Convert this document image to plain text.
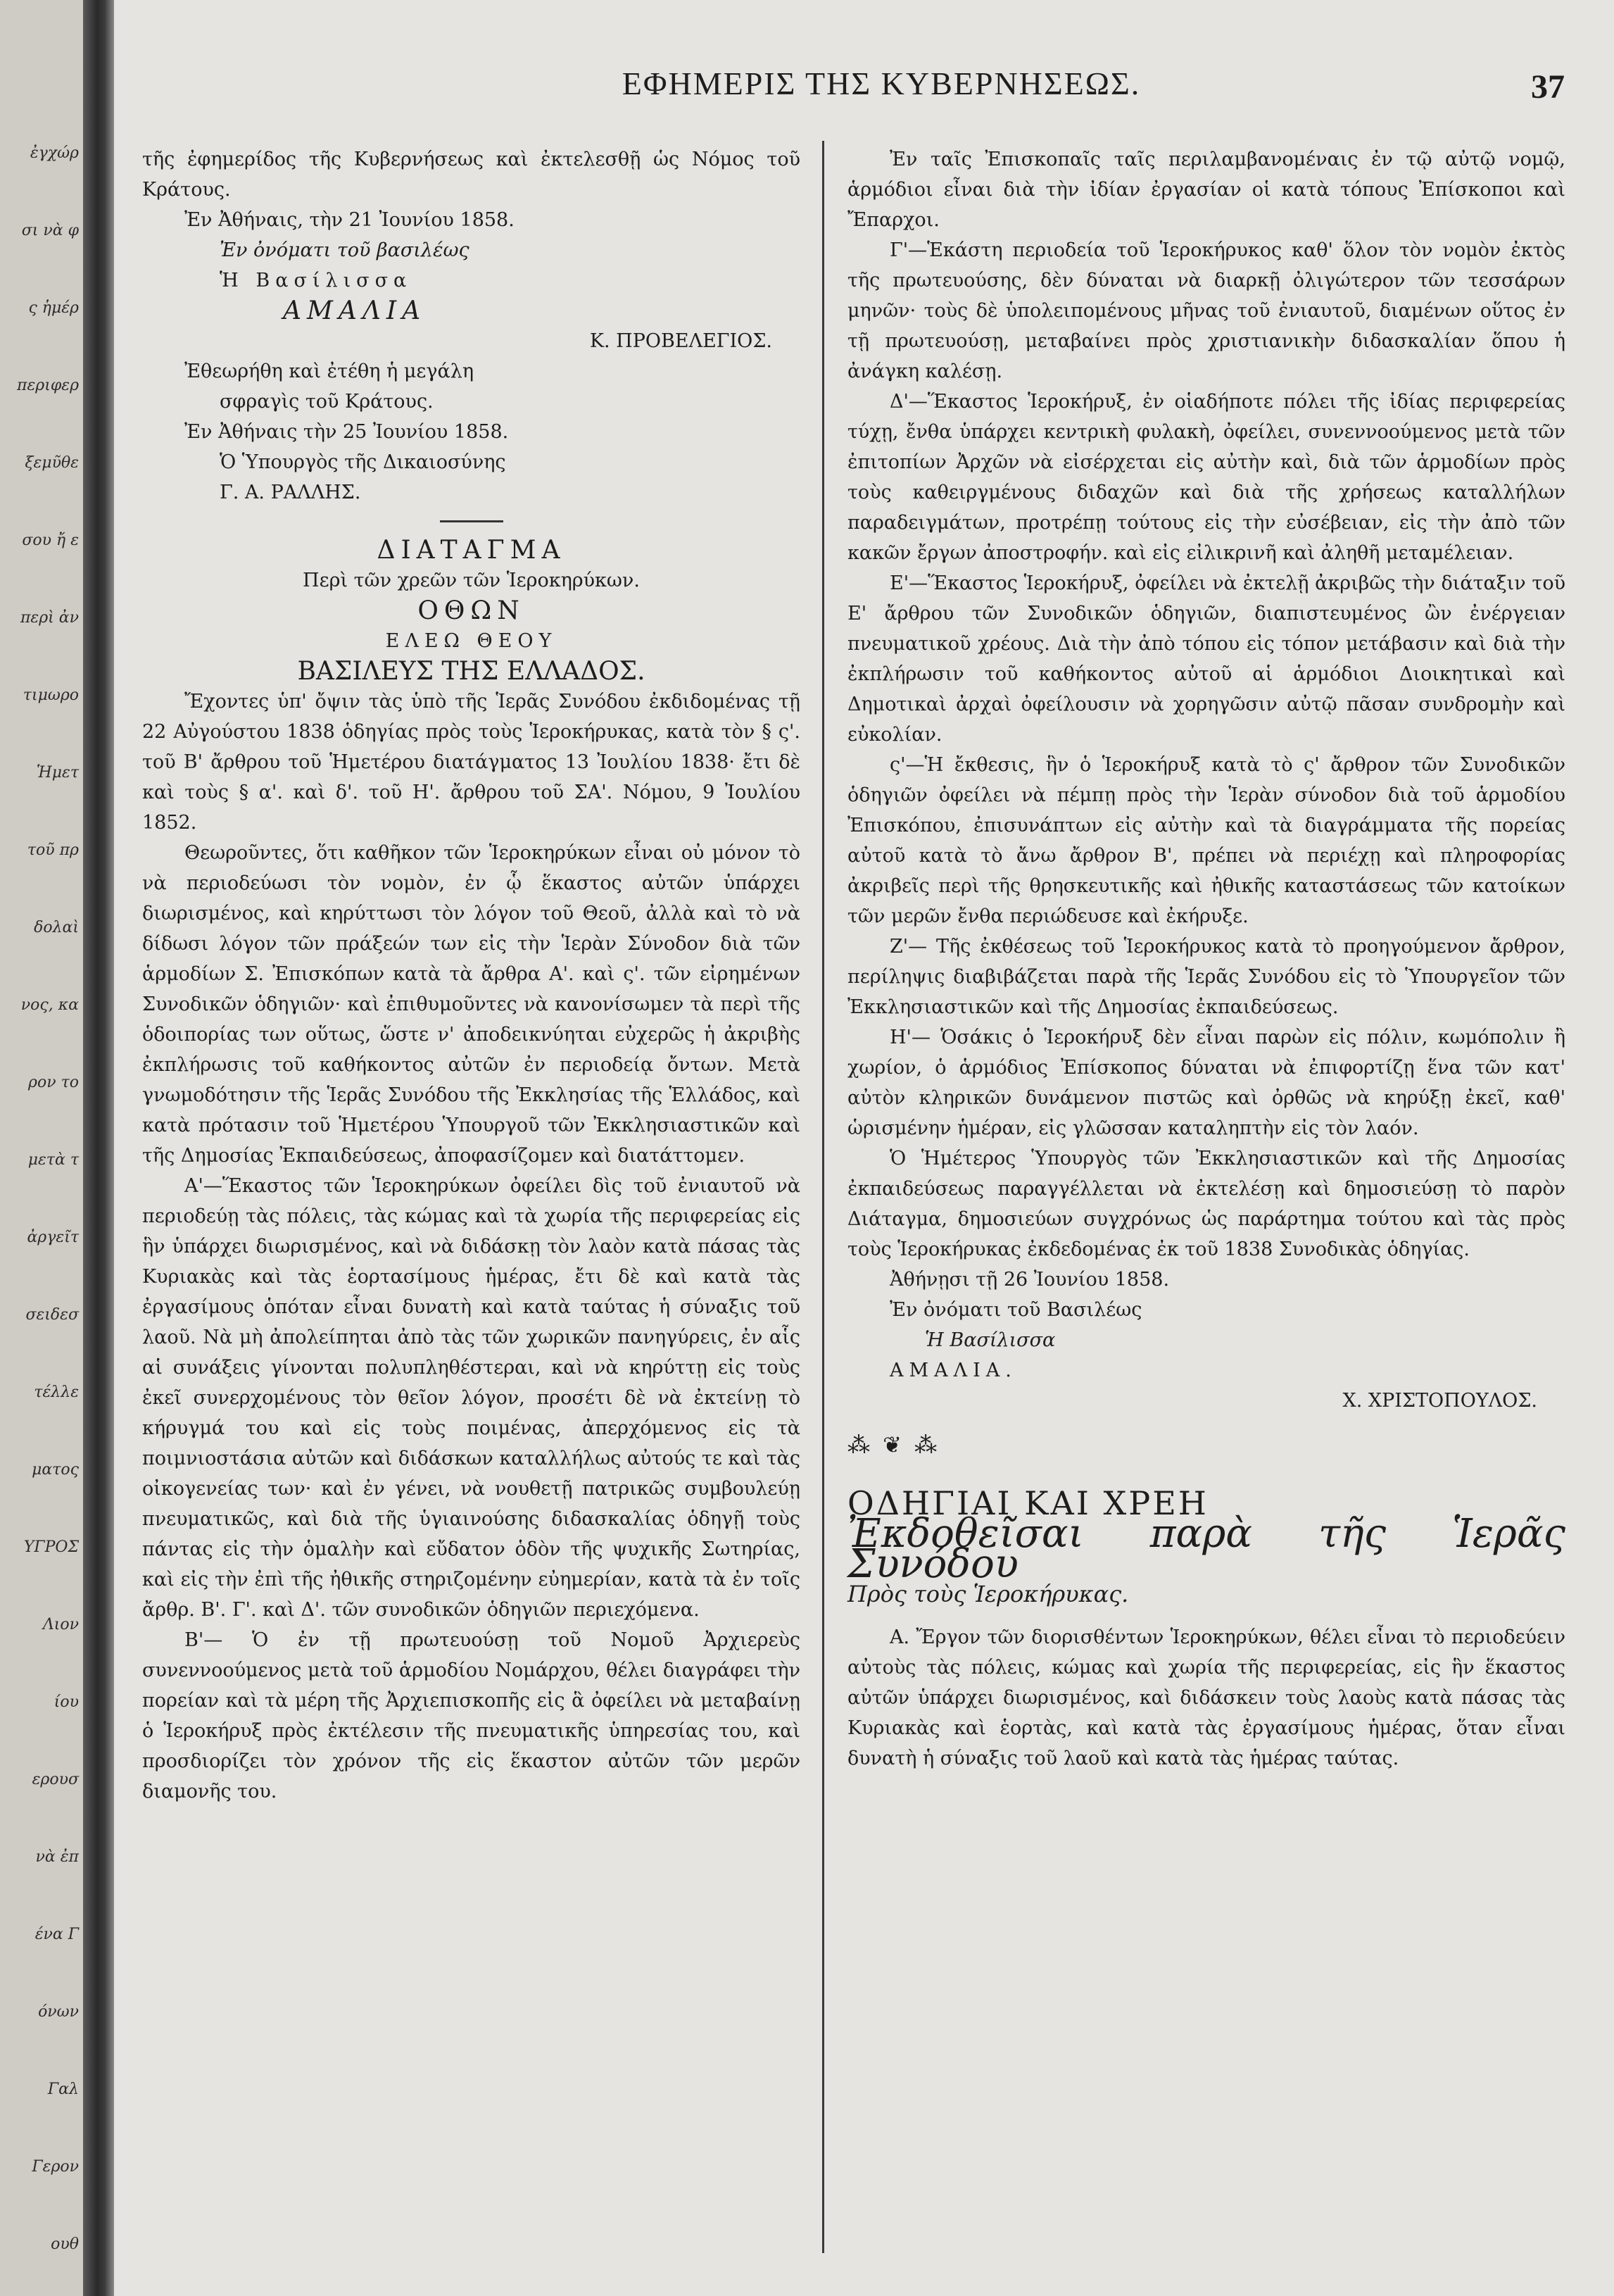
ἐγχώρ
σι νὰ φ
ς ἡμέρ
περιφερ
ξεμῦθε
σου ἤ ε
περὶ ἀν
τιμωρο
Ἡμετ
τοῦ πρ
δολαὶ
νος, κα
ρον το
μετὰ τ
ἀργεῖτ
σειδεσ
τέλλε
ματος
ΥΓΡΟΣ
Λιον
ίου
ερουσ
νὰ ἐπ
ένα Γ
όνων
Γαλ
Γερον
ουθ
ΕΦΗΜΕΡΙΣ ΤΗΣ ΚΥΒΕΡΝΗΣΕΩΣ.	37

τῆς ἐφημερίδος τῆς Κυβερνήσεως καὶ ἐκτελεσθῇ ὡς Νόμος τοῦ Κράτους.

Ἐν Ἀθήναις, τὴν 21 Ἰουνίου 1858.

Ἐν ὀνόματι τοῦ βασιλέως

Ἡ Βασίλισσα

ΑΜΑΛΙΑ

Κ. ΠΡΟΒΕΛΕΓΙΟΣ.

Ἐθεωρήθη καὶ ἐτέθη ἡ μεγάλη

σφραγὶς τοῦ Κράτους.

Ἐν Ἀθήναις τὴν 25 Ἰουνίου 1858.

Ὁ Ὑπουργὸς τῆς Δικαιοσύνης

Γ. Α. ΡΑΛΛΗΣ.

ΔΙΑΤΑΓΜΑ

Περὶ τῶν χρεῶν τῶν Ἱεροκηρύκων.

ΟΘΩΝ

ΕΛΕΩ ΘΕΟΥ

ΒΑΣΙΛΕΥΣ ΤΗΣ ΕΛΛΑΔΟΣ.

Ἔχοντες ὑπ' ὄψιν τὰς ὑπὸ τῆς Ἱερᾶς Συνόδου ἐκδιδομένας τῇ 22 Αὐγούστου 1838 ὁδηγίας πρὸς τοὺς Ἱεροκήρυκας, κατὰ τὸν § ς'. τοῦ Β' ἄρθρου τοῦ Ἡμετέρου διατάγματος 13 Ἰουλίου 1838· ἔτι δὲ καὶ τοὺς § α'. καὶ δ'. τοῦ Η'. ἄρθρου τοῦ ΣΑ'. Νόμου, 9 Ἰουλίου 1852.

Θεωροῦντες, ὅτι καθῆκον τῶν Ἱεροκηρύκων εἶναι οὐ μόνον τὸ νὰ περιοδεύωσι τὸν νομὸν, ἐν ᾧ ἕκαστος αὐτῶν ὑπάρχει διωρισμένος, καὶ κηρύττωσι τὸν λόγον τοῦ Θεοῦ, ἀλλὰ καὶ τὸ νὰ δίδωσι λόγον τῶν πράξεών των εἰς τὴν Ἱερὰν Σύνοδον διὰ τῶν ἁρμοδίων Σ. Ἐπισκόπων κατὰ τὰ ἄρθρα Α'. καὶ ς'. τῶν εἰρημένων Συνοδικῶν ὁδηγιῶν· καὶ ἐπιθυμοῦντες νὰ κανονίσωμεν τὰ περὶ τῆς ὁδοιπορίας των οὕτως, ὥστε ν' ἀποδεικνύηται εὐχερῶς ἡ ἀκριβὴς ἐκπλήρωσις τοῦ καθήκοντος αὐτῶν ἐν περιοδείᾳ ὄντων. Μετὰ γνωμοδότησιν τῆς Ἱερᾶς Συνόδου τῆς Ἐκκλησίας τῆς Ἑλλάδος, καὶ κατὰ πρότασιν τοῦ Ἡμετέρου Ὑπουργοῦ τῶν Ἐκκλησιαστικῶν καὶ τῆς Δημοσίας Ἐκπαιδεύσεως, ἀποφασίζομεν καὶ διατάττομεν.

Α'—Ἕκαστος τῶν Ἱεροκηρύκων ὀφείλει δὶς τοῦ ἐνιαυτοῦ νὰ περιοδεύῃ τὰς πόλεις, τὰς κώμας καὶ τὰ χωρία τῆς περιφερείας εἰς ἣν ὑπάρχει διωρισμένος, καὶ νὰ διδάσκῃ τὸν λαὸν κατὰ πάσας τὰς Κυριακὰς καὶ τὰς ἑορτασίμους ἡμέρας, ἔτι δὲ καὶ κατὰ τὰς ἐργασίμους ὁπόταν εἶναι δυνατὴ καὶ κατὰ ταύτας ἡ σύναξις τοῦ λαοῦ. Νὰ μὴ ἀπολείπηται ἀπὸ τὰς τῶν χωρικῶν πανηγύρεις, ἐν αἷς αἱ συνάξεις γίνονται πολυπληθέστεραι, καὶ νὰ κηρύττῃ εἰς τοὺς ἐκεῖ συνερχομένους τὸν θεῖον λόγον, προσέτι δὲ νὰ ἐκτείνῃ τὸ κήρυγμά του καὶ εἰς τοὺς ποιμένας, ἀπερχόμενος εἰς τὰ ποιμνιοστάσια αὐτῶν καὶ διδάσκων καταλλήλως αὐτούς τε καὶ τὰς οἰκογενείας των· καὶ ἐν γένει, νὰ νουθετῇ πατρικῶς συμβουλεύῃ πνευματικῶς, καὶ διὰ τῆς ὑγιαινούσης διδασκαλίας ὁδηγῇ τοὺς πάντας εἰς τὴν ὁμαλὴν καὶ εὔδατον ὁδὸν τῆς ψυχικῆς Σωτηρίας, καὶ εἰς τὴν ἐπὶ τῆς ἠθικῆς στηριζομένην εὐημερίαν, κατὰ τὰ ἐν τοῖς ἄρθρ. Β'. Γ'. καὶ Δ'. τῶν συνοδικῶν ὁδηγιῶν περιεχόμενα.

Β'— Ὁ ἐν τῇ πρωτευούσῃ τοῦ Νομοῦ Ἀρχιερεὺς συνεννοούμενος μετὰ τοῦ ἁρμοδίου Νομάρχου, θέλει διαγράφει τὴν πορείαν καὶ τὰ μέρη τῆς Ἀρχιεπισκοπῆς εἰς ἃ ὀφείλει νὰ μεταβαίνῃ ὁ Ἱεροκήρυξ πρὸς ἐκτέλεσιν τῆς πνευματικῆς ὑπηρεσίας του, καὶ προσδιορίζει τὸν χρόνον τῆς εἰς ἕκαστον αὐτῶν τῶν μερῶν διαμονῆς του.

Ἐν ταῖς Ἐπισκοπαῖς ταῖς περιλαμβανομέναις ἐν τῷ αὐτῷ νομῷ, ἁρμόδιοι εἶναι διὰ τὴν ἰδίαν ἐργασίαν οἱ κατὰ τόπους Ἐπίσκοποι καὶ Ἔπαρχοι.

Γ'—Ἑκάστη περιοδεία τοῦ Ἱεροκήρυκος καθ' ὅλον τὸν νομὸν ἐκτὸς τῆς πρωτευούσης, δὲν δύναται νὰ διαρκῇ ὀλιγώτερον τῶν τεσσάρων μηνῶν· τοὺς δὲ ὑπολειπομένους μῆνας τοῦ ἐνιαυτοῦ, διαμένων οὕτος ἐν τῇ πρωτευούσῃ, μεταβαίνει πρὸς χριστιανικὴν διδασκαλίαν ὅπου ἡ ἀνάγκη καλέσῃ.

Δ'—Ἕκαστος Ἱεροκήρυξ, ἐν οἱαδήποτε πόλει τῆς ἰδίας περιφερείας τύχῃ, ἔνθα ὑπάρχει κεντρικὴ φυλακὴ, ὀφείλει, συνεννοούμενος μετὰ τῶν ἐπιτοπίων Ἀρχῶν νὰ εἰσέρχεται εἰς αὐτὴν καὶ, διὰ τῶν ἁρμοδίων πρὸς τοὺς καθειργμένους διδαχῶν καὶ διὰ τῆς χρήσεως καταλλήλων παραδειγμάτων, προτρέπῃ τούτους εἰς τὴν εὐσέβειαν, εἰς τὴν ἀπὸ τῶν κακῶν ἔργων ἀποστροφήν. καὶ εἰς εἰλικρινῆ καὶ ἀληθῆ μεταμέλειαν.

Ε'—Ἕκαστος Ἱεροκήρυξ, ὀφείλει νὰ ἐκτελῇ ἀκριβῶς τὴν διάταξιν τοῦ Ε' ἄρθρου τῶν Συνοδικῶν ὁδηγιῶν, διαπιστευμένος ὢν ἐνέργειαν πνευματικοῦ χρέους. Διὰ τὴν ἀπὸ τόπου εἰς τόπον μετάβασιν καὶ διὰ τὴν ἐκπλήρωσιν τοῦ καθήκοντος αὐτοῦ αἱ ἁρμόδιοι Διοικητικαὶ καὶ Δημοτικαὶ ἀρχαὶ ὀφείλουσιν νὰ χορηγῶσιν αὐτῷ πᾶσαν συνδρομὴν καὶ εὐκολίαν.

ς'—Ἡ ἔκθεσις, ἣν ὁ Ἱεροκήρυξ κατὰ τὸ ς' ἄρθρον τῶν Συνοδικῶν ὁδηγιῶν ὀφείλει νὰ πέμπῃ πρὸς τὴν Ἱερὰν σύνοδον διὰ τοῦ ἁρμοδίου Ἐπισκόπου, ἐπισυνάπτων εἰς αὐτὴν καὶ τὰ διαγράμματα τῆς πορείας αὐτοῦ κατὰ τὸ ἄνω ἄρθρον Β', πρέπει νὰ περιέχῃ καὶ πληροφορίας ἀκριβεῖς περὶ τῆς θρησκευτικῆς καὶ ἠθικῆς καταστάσεως τῶν κατοίκων τῶν μερῶν ἔνθα περιώδευσε καὶ ἐκήρυξε.

Ζ'— Τῆς ἐκθέσεως τοῦ Ἱεροκήρυκος κατὰ τὸ προηγούμενον ἄρθρον, περίληψις διαβιβάζεται παρὰ τῆς Ἱερᾶς Συνόδου εἰς τὸ Ὑπουργεῖον τῶν Ἐκκλησιαστικῶν καὶ τῆς Δημοσίας ἐκπαιδεύσεως.

Η'— Ὁσάκις ὁ Ἱεροκήρυξ δὲν εἶναι παρὼν εἰς πόλιν, κωμόπολιν ἢ χωρίον, ὁ ἁρμόδιος Ἐπίσκοπος δύναται νὰ ἐπιφορτίζῃ ἕνα τῶν κατ' αὐτὸν κληρικῶν δυνάμενον πιστῶς καὶ ὀρθῶς νὰ κηρύξῃ ἐκεῖ, καθ' ὡρισμένην ἡμέραν, εἰς γλῶσσαν καταληπτὴν εἰς τὸν λαόν.

Ὁ Ἡμέτερος Ὑπουργὸς τῶν Ἐκκλησιαστικῶν καὶ τῆς Δημοσίας ἐκπαιδεύσεως παραγγέλλεται νὰ ἐκτελέσῃ καὶ δημοσιεύσῃ τὸ παρὸν Διάταγμα, δημοσιεύων συγχρόνως ὡς παράρτημα τούτου καὶ τὰς πρὸς τοὺς Ἱεροκήρυκας ἐκδεδομένας ἐκ τοῦ 1838 Συνοδικὰς ὁδηγίας.

Ἀθήνῃσι τῇ 26 Ἰουνίου 1858.

Ἐν ὀνόματι τοῦ Βασιλέως

Ἡ Βασίλισσα

ΑΜΑΛΙΑ.

Χ. ΧΡΙΣΤΟΠΟΥΛΟΣ.

⁂ ❦ ⁂

ΟΔΗΓΙΑΙ ΚΑΙ ΧΡΕΗ

Ἐκδοθεῖσαι παρὰ τῆς Ἱερᾶς Συνόδου

Πρὸς τοὺς Ἱεροκήρυκας.

Α. Ἔργον τῶν διορισθέντων Ἱεροκηρύκων, θέλει εἶναι τὸ περιοδεύειν αὐτοὺς τὰς πόλεις, κώμας καὶ χωρία τῆς περιφερείας, εἰς ἣν ἕκαστος αὐτῶν ὑπάρχει διωρισμένος, καὶ διδάσκειν τοὺς λαοὺς κατὰ πάσας τὰς Κυριακὰς καὶ ἑορτὰς, καὶ κατὰ τὰς ἐργασίμους ἡμέρας, ὅταν εἶναι δυνατὴ ἡ σύναξις τοῦ λαοῦ καὶ κατὰ τὰς ἡμέρας ταύτας.
